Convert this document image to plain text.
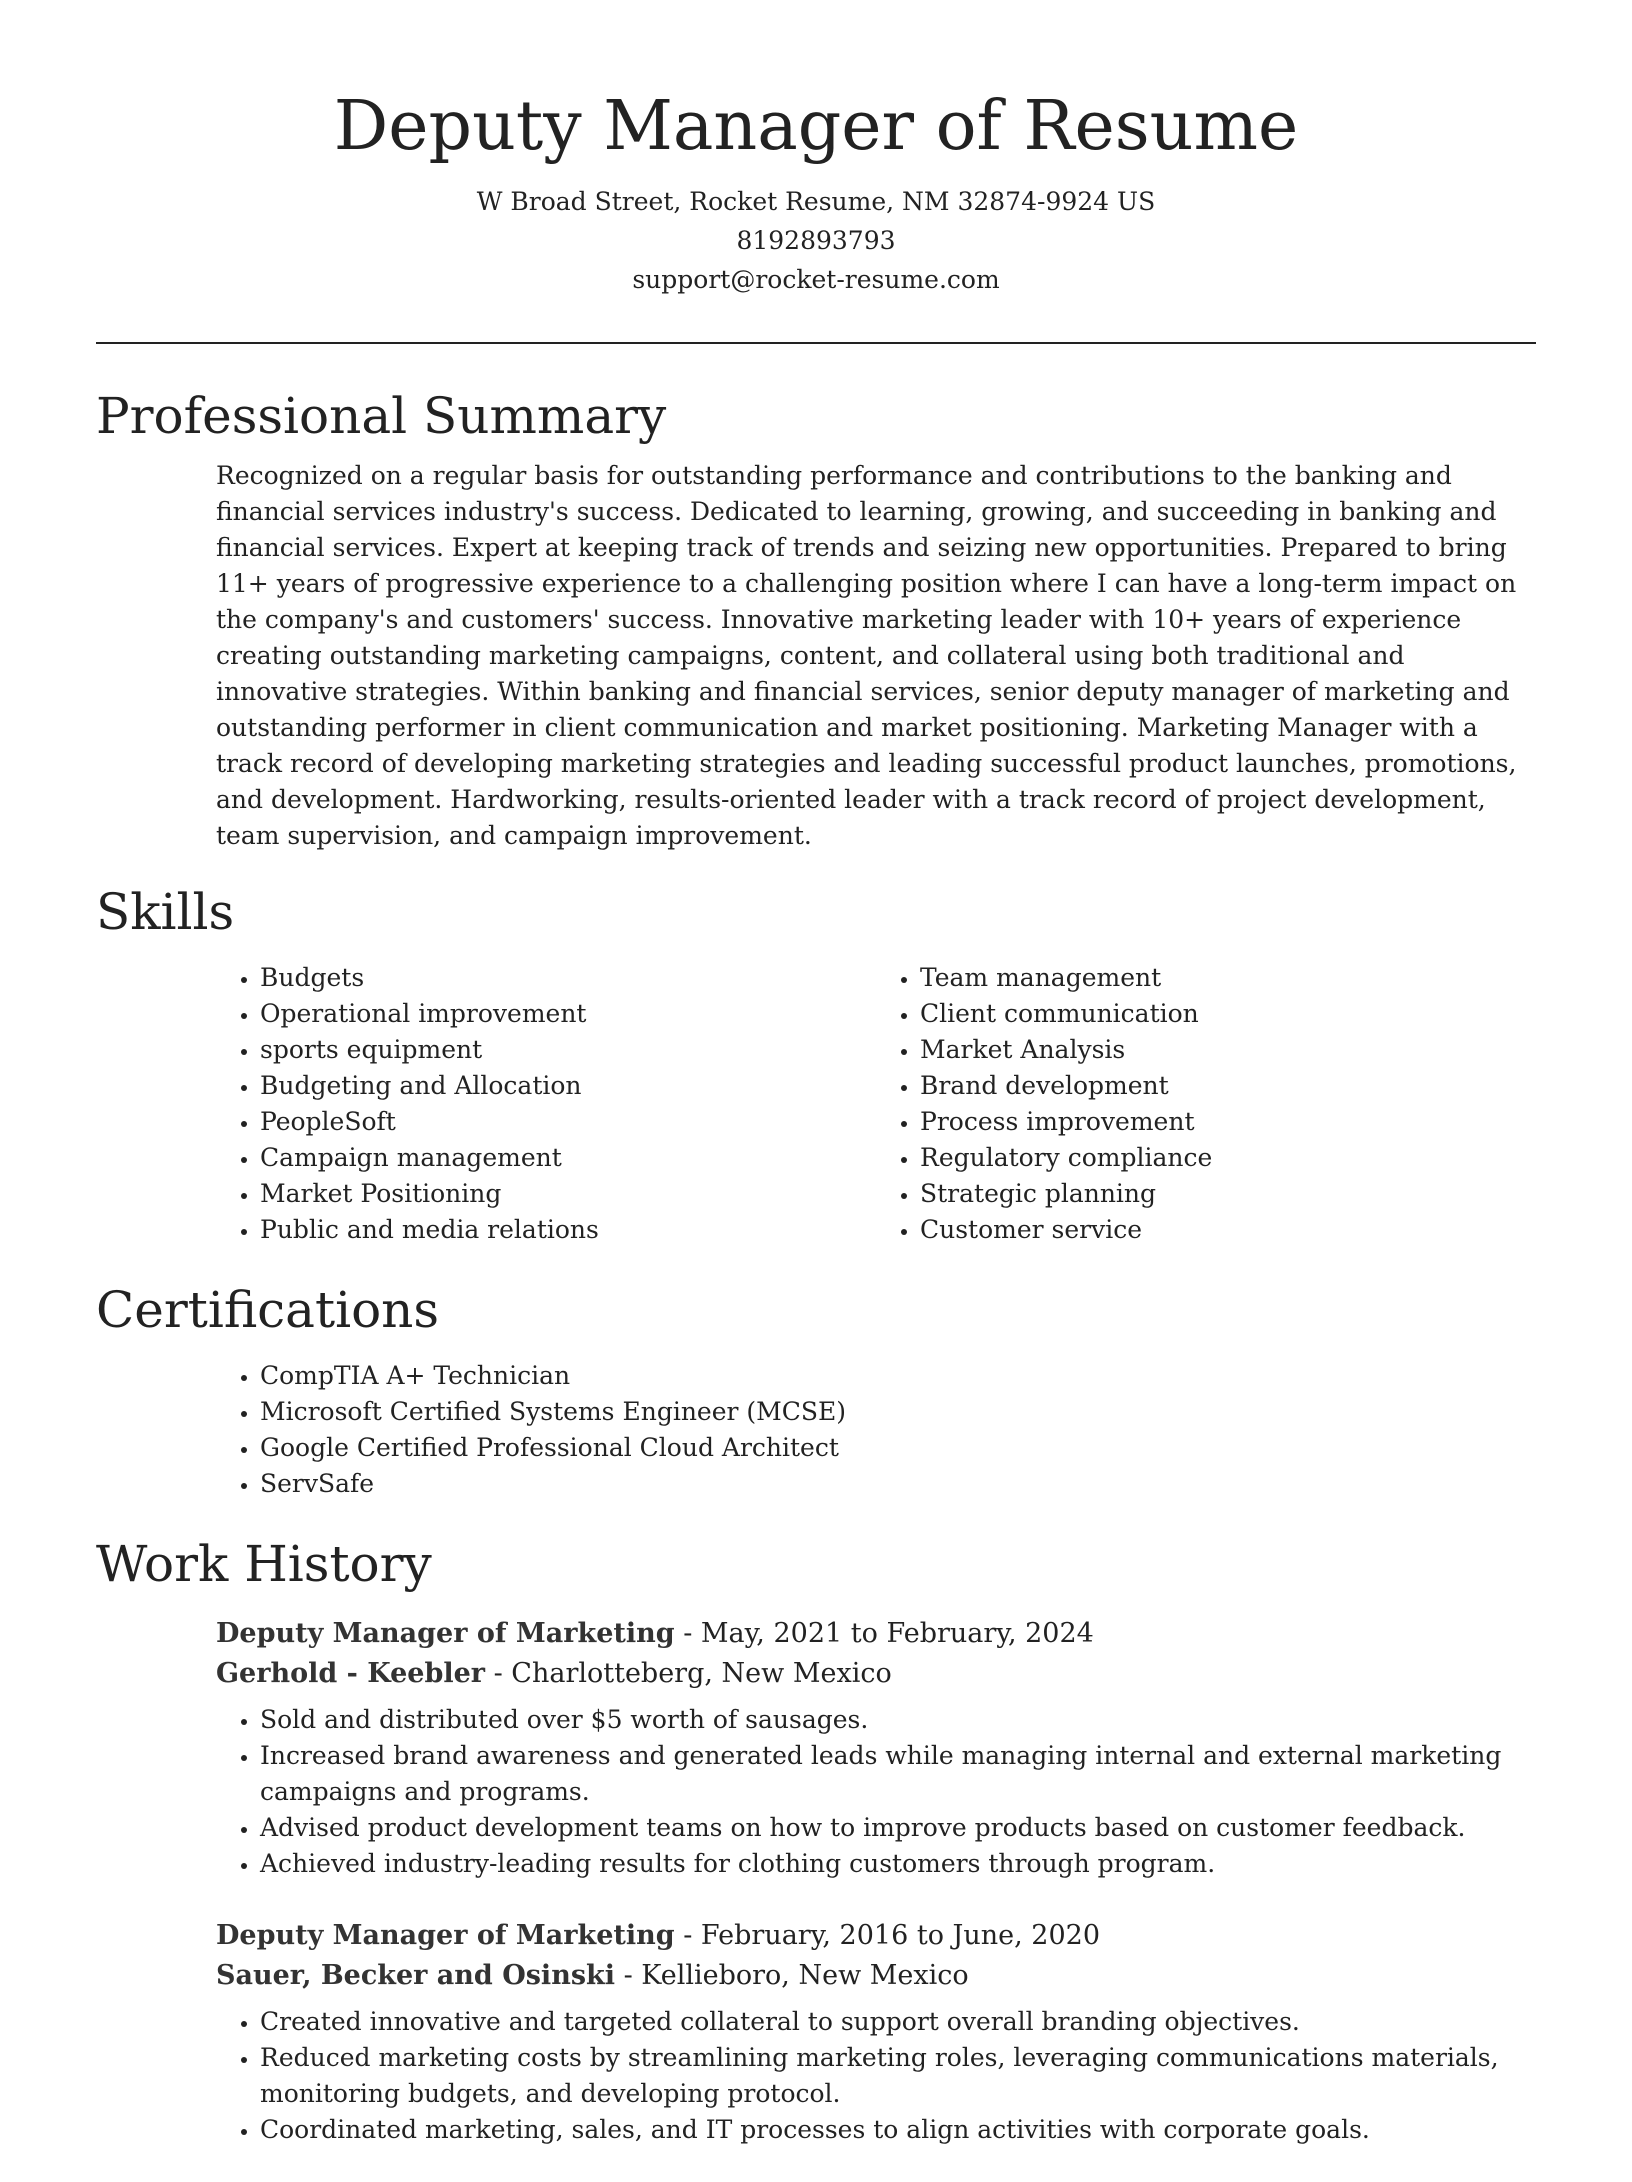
Deputy Manager of Resume
W Broad Street, Rocket Resume, NM 32874-9924 US
8192893793
support@rocket-resume.com
Professional Summary
Recognized on a regular basis for outstanding performance and contributions to the banking and financial services industry's success. Dedicated to learning, growing, and succeeding in banking and financial services. Expert at keeping track of trends and seizing new opportunities. Prepared to bring 11+ years of progressive experience to a challenging position where I can have a long-term impact on the company's and customers' success. Innovative marketing leader with 10+ years of experience creating outstanding marketing campaigns, content, and collateral using both traditional and innovative strategies. Within banking and financial services, senior deputy manager of marketing and outstanding performer in client communication and market positioning. Marketing Manager with a track record of developing marketing strategies and leading successful product launches, promotions, and development. Hardworking, results-oriented leader with a track record of project development, team supervision, and campaign improvement.
Skills
• Budgets
• Operational improvement
• sports equipment
• Budgeting and Allocation
• PeopleSoft
• Campaign management
• Market Positioning
• Public and media relations
• Team management
• Client communication
• Market Analysis
• Brand development
• Process improvement
• Regulatory compliance
• Strategic planning
• Customer service
Certifications
• CompTIA A+ Technician
• Microsoft Certified Systems Engineer (MCSE)
• Google Certified Professional Cloud Architect
• ServSafe
Work History
Deputy Manager of Marketing - May, 2021 to February, 2024
Gerhold - Keebler - Charlotteberg, New Mexico
• Sold and distributed over $5 worth of sausages.
• Increased brand awareness and generated leads while managing internal and external marketing campaigns and programs.
• Advised product development teams on how to improve products based on customer feedback.
• Achieved industry-leading results for clothing customers through program.
Deputy Manager of Marketing - February, 2016 to June, 2020
Sauer, Becker and Osinski - Kellieboro, New Mexico
• Created innovative and targeted collateral to support overall branding objectives.
• Reduced marketing costs by streamlining marketing roles, leveraging communications materials, monitoring budgets, and developing protocol.
• Coordinated marketing, sales, and IT processes to align activities with corporate goals.
